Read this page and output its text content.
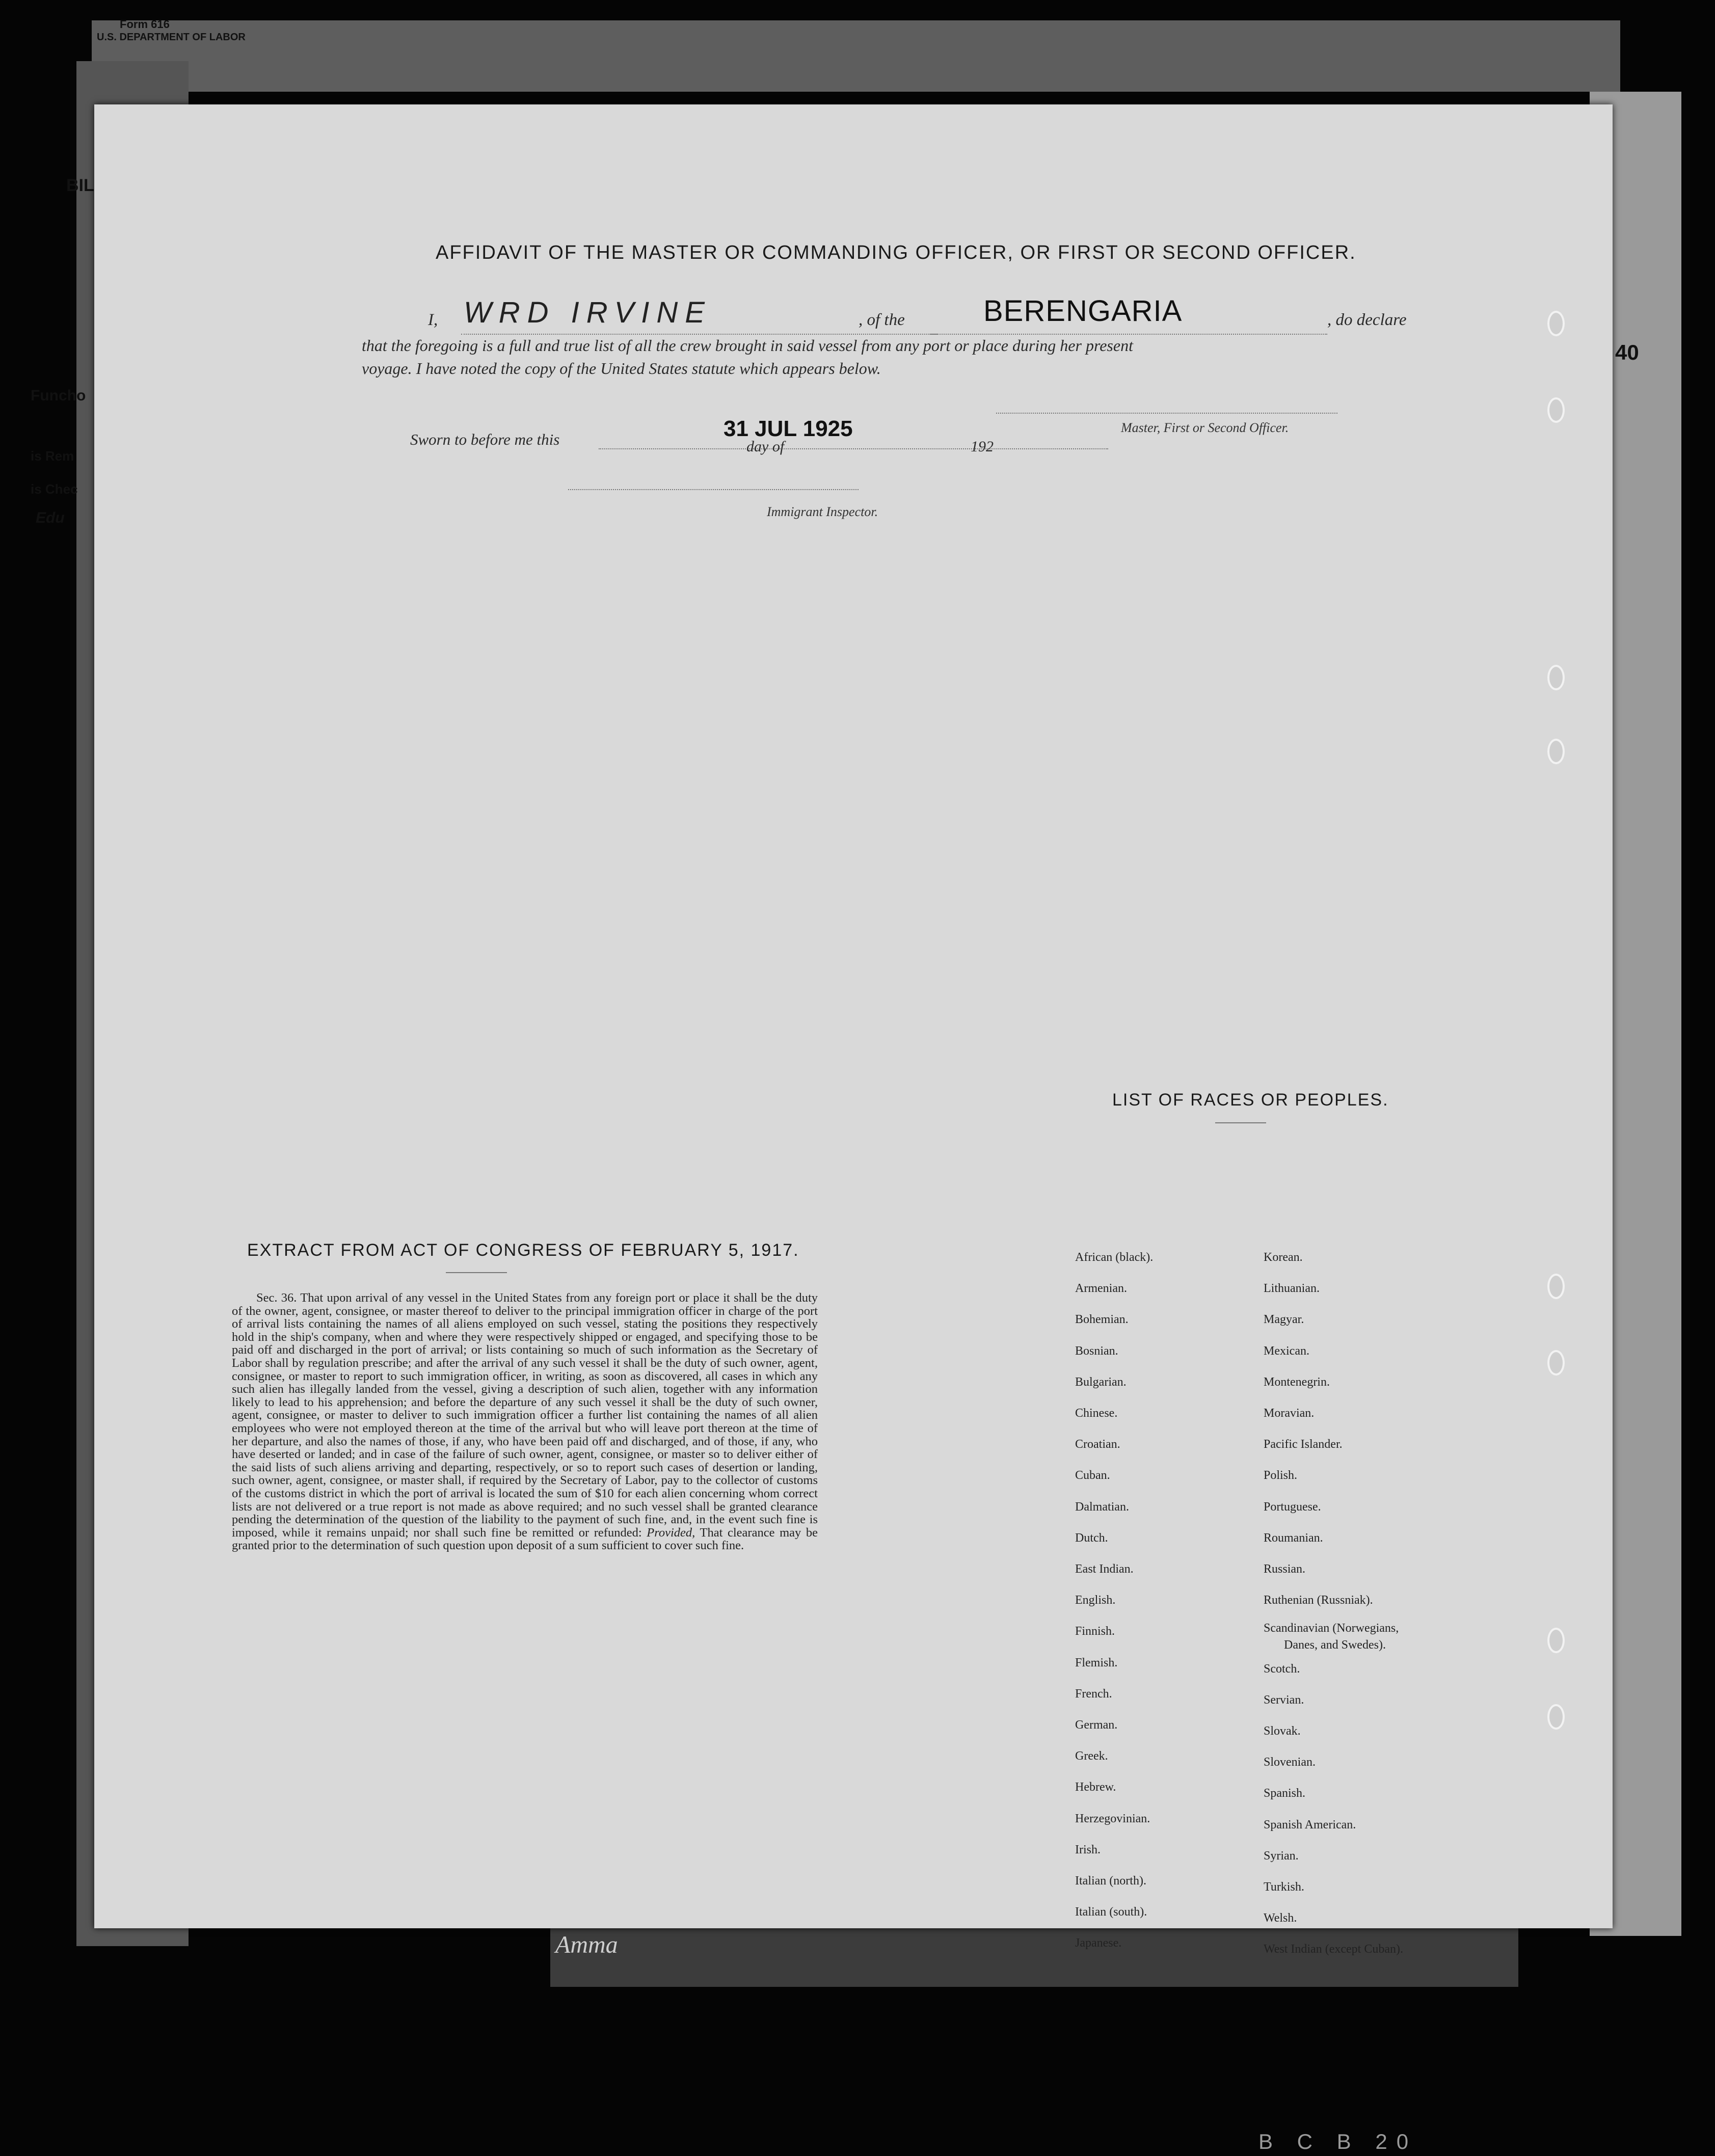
Form 616
U.S. DEPARTMENT OF LABOR
BIL
Funcho
is Rem
is Chec
Edu
AFFIDAVIT OF THE MASTER OR COMMANDING OFFICER, OR FIRST OR SECOND OFFICER.
I, WRD IRVINE	, of the	BERENGARIA	, do declare
that the foregoing is a full and true list of all the crew brought in said vessel from any port or place during her present
voyage. I have noted the copy of the United States statute which appears below.
Sworn to before me this	31 JUL 1925
day of	192
Master, First or Second Officer.
Immigrant Inspector.
EXTRACT FROM ACT OF CONGRESS OF FEBRUARY 5, 1917.
Sec. 36. That upon arrival of any vessel in the United States from any foreign port or place it shall be the duty of the owner, agent, consignee, or master thereof to deliver to the principal immigration officer in charge of the port of arrival lists containing the names of all aliens employed on such vessel, stating the positions they respectively hold in the ship's company, when and where they were respectively shipped or engaged, and specifying those to be paid off and discharged in the port of arrival; or lists containing so much of such information as the Secretary of Labor shall by regulation prescribe; and after the arrival of any such vessel it shall be the duty of such owner, agent, consignee, or master to report to such immigration officer, in writing, as soon as discovered, all cases in which any such alien has illegally landed from the vessel, giving a description of such alien, together with any information likely to lead to his apprehension; and before the departure of any such vessel it shall be the duty of such owner, agent, consignee, or master to deliver to such immigration officer a further list containing the names of all alien employees who were not employed thereon at the time of the arrival but who will leave port thereon at the time of her departure, and also the names of those, if any, who have been paid off and discharged, and of those, if any, who have deserted or landed; and in case of the failure of such owner, agent, consignee, or master so to deliver either of the said lists of such aliens arriving and departing, respectively, or so to report such cases of desertion or landing, such owner, agent, consignee, or master shall, if required by the Secretary of Labor, pay to the collector of customs of the customs district in which the port of arrival is located the sum of $10 for each alien concerning whom correct lists are not delivered or a true report is not made as above required; and no such vessel shall be granted clearance pending the determination of the question of the liability to the payment of such fine, and, in the event such fine is imposed, while it remains unpaid; nor shall such fine be remitted or refunded: Provided, That clearance may be granted prior to the determination of such question upon deposit of a sum sufficient to cover such fine.
LIST OF RACES OR PEOPLES.
African (black).
Armenian.
Bohemian.
Bosnian.
Bulgarian.
Chinese.
Croatian.
Cuban.
Dalmatian.
Dutch.
East Indian.
English.
Finnish.
Flemish.
French.
German.
Greek.
Hebrew.
Herzegovinian.
Irish.
Italian (north).
Italian (south).
Japanese.
Korean.
Lithuanian.
Magyar.
Mexican.
Montenegrin.
Moravian.
Pacific Islander.
Polish.
Portuguese.
Roumanian.
Russian.
Ruthenian (Russniak).
Scandinavian (Norwegians,
Danes, and Swedes).
Scotch.
Servian.
Slovak.
Slovenian.
Spanish.
Spanish American.
Syrian.
Turkish.
Welsh.
West Indian (except Cuban).
40
Amma
B C B 20
